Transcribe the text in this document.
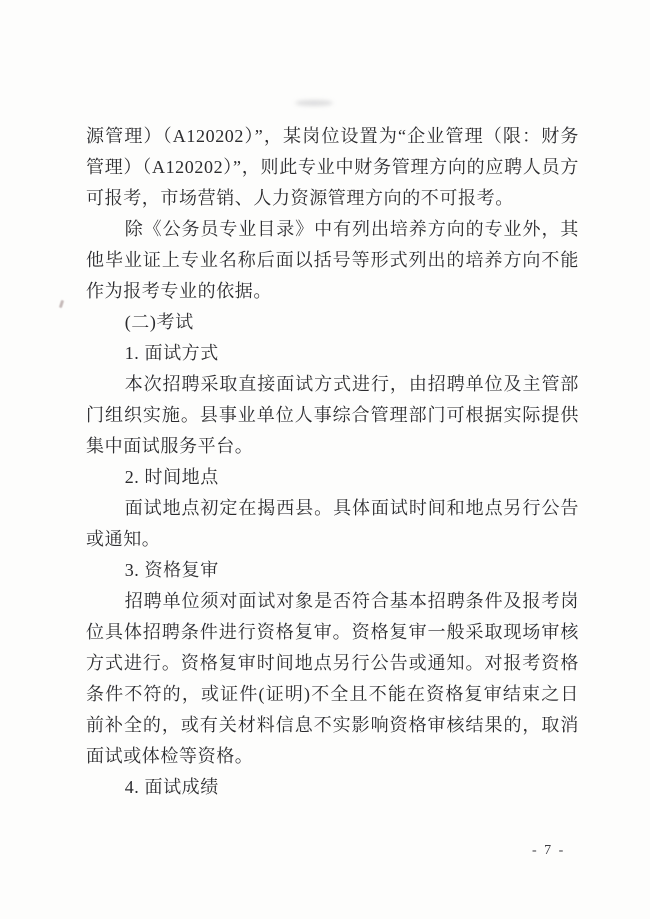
源管理）（A120202）”，某岗位设置为“企业管理（限：财务管理）（A120202）”，则此专业中财务管理方向的应聘人员方可报考，市场营销、人力资源管理方向的不可报考。

除《公务员专业目录》中有列出培养方向的专业外，其他毕业证上专业名称后面以括号等形式列出的培养方向不能作为报考专业的依据。

(二)考试

1. 面试方式

本次招聘采取直接面试方式进行，由招聘单位及主管部门组织实施。县事业单位人事综合管理部门可根据实际提供集中面试服务平台。

2. 时间地点

面试地点初定在揭西县。具体面试时间和地点另行公告或通知。

3. 资格复审

招聘单位须对面试对象是否符合基本招聘条件及报考岗位具体招聘条件进行资格复审。资格复审一般采取现场审核方式进行。资格复审时间地点另行公告或通知。对报考资格条件不符的，或证件(证明)不全且不能在资格复审结束之日前补全的，或有关材料信息不实影响资格审核结果的，取消面试或体检等资格。

4. 面试成绩

- 7 -
